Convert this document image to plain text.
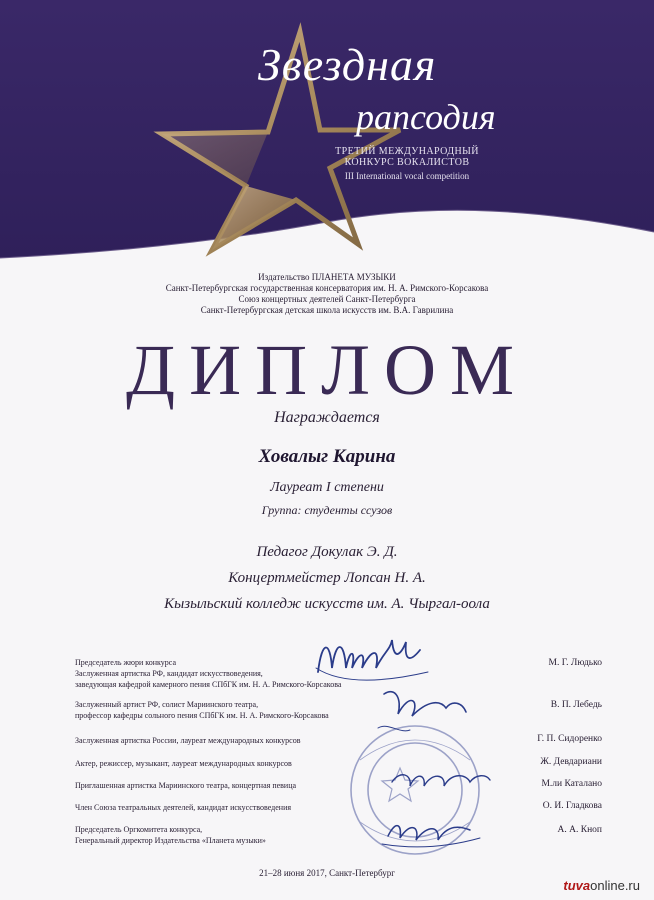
Звездная
рапсодия
ТРЕТИЙ МЕЖДУНАРОДНЫЙ
КОНКУРС ВОКАЛИСТОВ
III International vocal competition
Издательство ПЛАНЕТА МУЗЫКИ
Санкт-Петербургская государственная консерватория им. Н. А. Римского-Корсакова
Союз концертных деятелей Санкт-Петербурга
Санкт-Петербургская детская школа искусств им. В.А. Гаврилина
ДИПЛОМ
Награждается
Ховалыг Карина
Лауреат I степени
Группа: студенты ссузов
Педагог Докулак Э. Д.
Концертмейстер Лопсан Н. А.
Кызыльский колледж искусств им. А. Чыргал-оола
Председатель жюри конкурса
Заслуженная артистка РФ, кандидат искусствоведения,
заведующая кафедрой камерного пения СПбГК им. Н. А. Римского-Корсакова
М. Г. Людько
Заслуженный артист РФ, солист Мариинского театра,
профессор кафедры сольного пения СПбГК им. Н. А. Римского-Корсакова
В. П. Лебедь
Заслуженная артистка России, лауреат международных конкурсов	Г. П. Сидоренко
Актер, режиссер, музыкант, лауреат международных конкурсов	Ж. Девдариани
Приглашенная артистка Мариинского театра, концертная певица	М.ли Каталано
Член Союза театральных деятелей, кандидат искусствоведения	О. И. Гладкова
Председатель Оргкомитета конкурса,
Генеральный директор Издательства «Планета музыки»
А. А. Кноп
21–28 июня 2017, Санкт-Петербург
tuvaonline.ru
